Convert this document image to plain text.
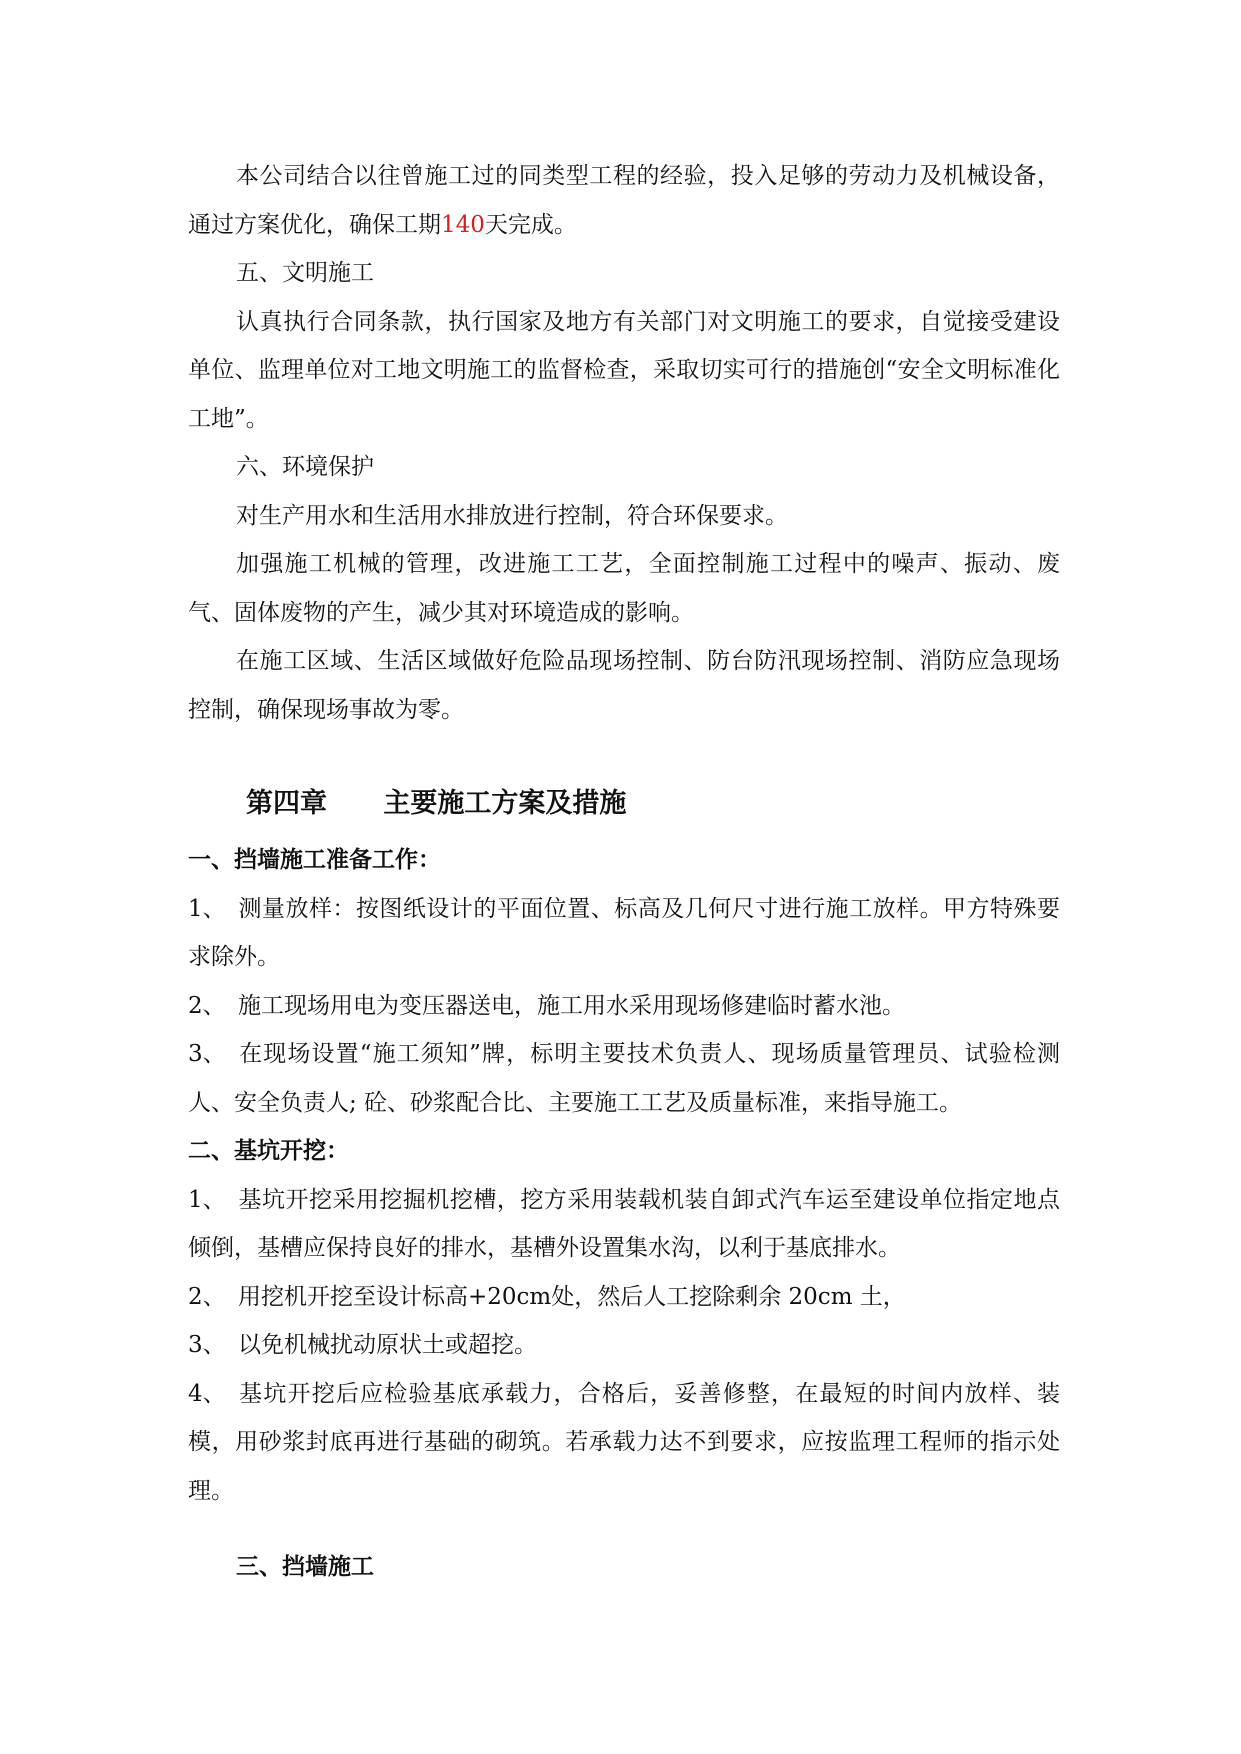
本公司结合以往曾施工过的同类型工程的经验，投入足够的劳动力及机械设备，通过方案优化，确保工期140天完成。

五、文明施工

认真执行合同条款，执行国家及地方有关部门对文明施工的要求，自觉接受建设单位、监理单位对工地文明施工的监督检查，采取切实可行的措施创“安全文明标准化工地”。

六、环境保护

对生产用水和生活用水排放进行控制，符合环保要求。

加强施工机械的管理，改进施工工艺，全面控制施工过程中的噪声、振动、废气、固体废物的产生，减少其对环境造成的影响。

在施工区域、生活区域做好危险品现场控制、防台防汛现场控制、消防应急现场控制，确保现场事故为零。

第四章      主要施工方案及措施

一、挡墙施工准备工作：

1、 测量放样：按图纸设计的平面位置、标高及几何尺寸进行施工放样。甲方特殊要求除外。

2、 施工现场用电为变压器送电，施工用水采用现场修建临时蓄水池。

3、 在现场设置“施工须知”牌，标明主要技术负责人、现场质量管理员、试验检测人、安全负责人; 砼、砂浆配合比、主要施工工艺及质量标准，来指导施工。

二、基坑开挖：

1、 基坑开挖采用挖掘机挖槽，挖方采用装载机装自卸式汽车运至建设单位指定地点倾倒，基槽应保持良好的排水，基槽外设置集水沟，以利于基底排水。

2、 用挖机开挖至设计标高+20cm处，然后人工挖除剩余 20cm 土，

3、 以免机械扰动原状土或超挖。

4、 基坑开挖后应检验基底承载力，合格后，妥善修整，在最短的时间内放样、装模，用砂浆封底再进行基础的砌筑。若承载力达不到要求，应按监理工程师的指示处理。

三、挡墙施工
